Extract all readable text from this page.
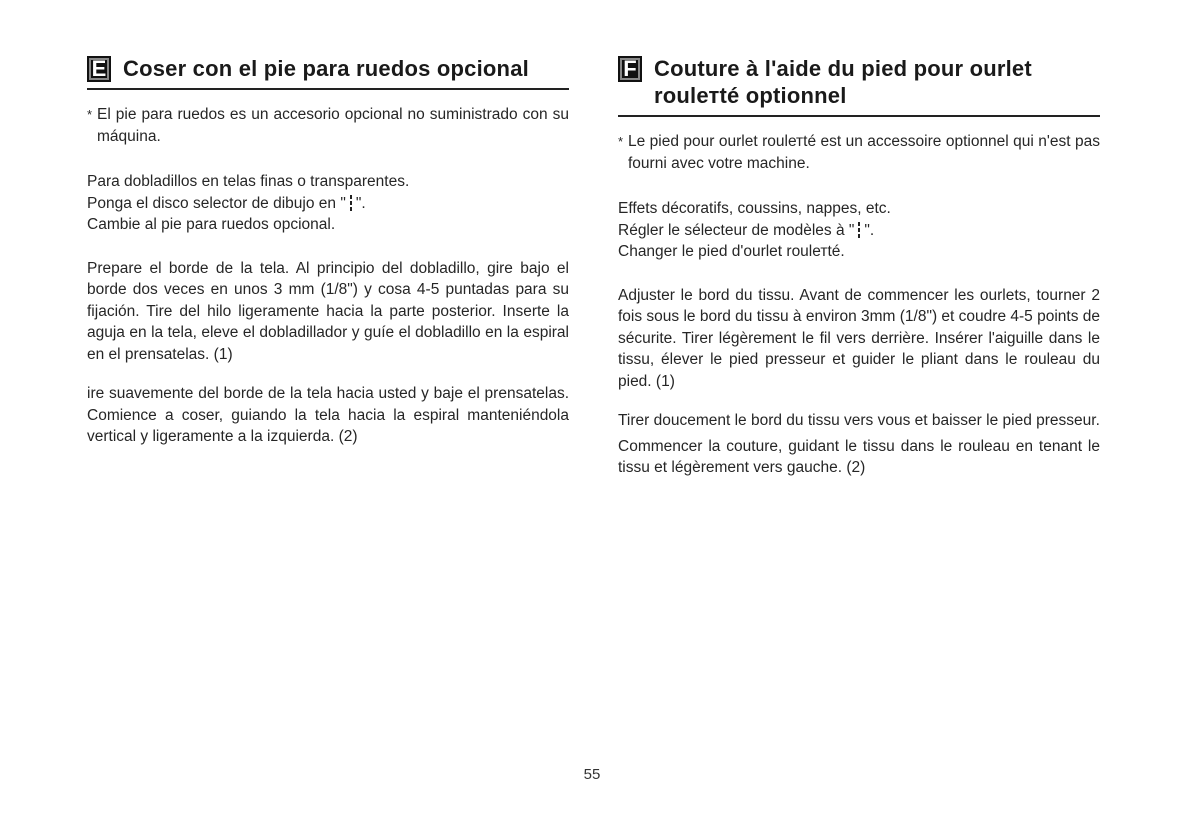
E Coser con el pie para ruedos opcional
* El pie para ruedos es un accesorio opcional no suministrado con su máquina.
Para dobladillos en telas finas o transparentes.
Ponga el disco selector de dibujo en " ".
Cambie al pie para ruedos opcional.

Prepare el borde de la tela. Al principio del dobladillo, gire bajo el borde dos veces en unos 3 mm (1/8") y cosa 4-5 puntadas para su fijación. Tire del hilo ligeramente hacia la parte posterior. Inserte la aguja en la tela, eleve el dobladillador y guíe el dobladillo en la espiral en el prensatelas. (1)

ire suavemente del borde de la tela hacia usted y baje el prensatelas. Comience a coser, guiando la tela hacia la espiral manteniéndola vertical y ligeramente a la izquierda. (2)

F Couture à l'aide du pied pour ourlet roulетté optionnel
* Le pied pour ourlet roulетté est un accessoire optionnel qui n'est pas fourni avec votre machine.
Effets décoratifs, coussins, nappes, etc.
Régler le sélecteur de modèles à " ".
Changer le pied d'ourlet roulетté.

Adjuster le bord du tissu. Avant de commencer les ourlets, tourner 2 fois sous le bord du tissu à environ 3mm (1/8") et coudre 4-5 points de sécurite. Tirer légèrement le fil vers derrière. Insérer l'aiguille dans le tissu, élever le pied presseur et guider le pliant dans le rouleau du pied. (1)

Tirer doucement le bord du tissu vers vous et baisser le pied presseur.

Commencer la couture, guidant le tissu dans le rouleau en tenant le tissu et légèrement vers gauche. (2)

55
